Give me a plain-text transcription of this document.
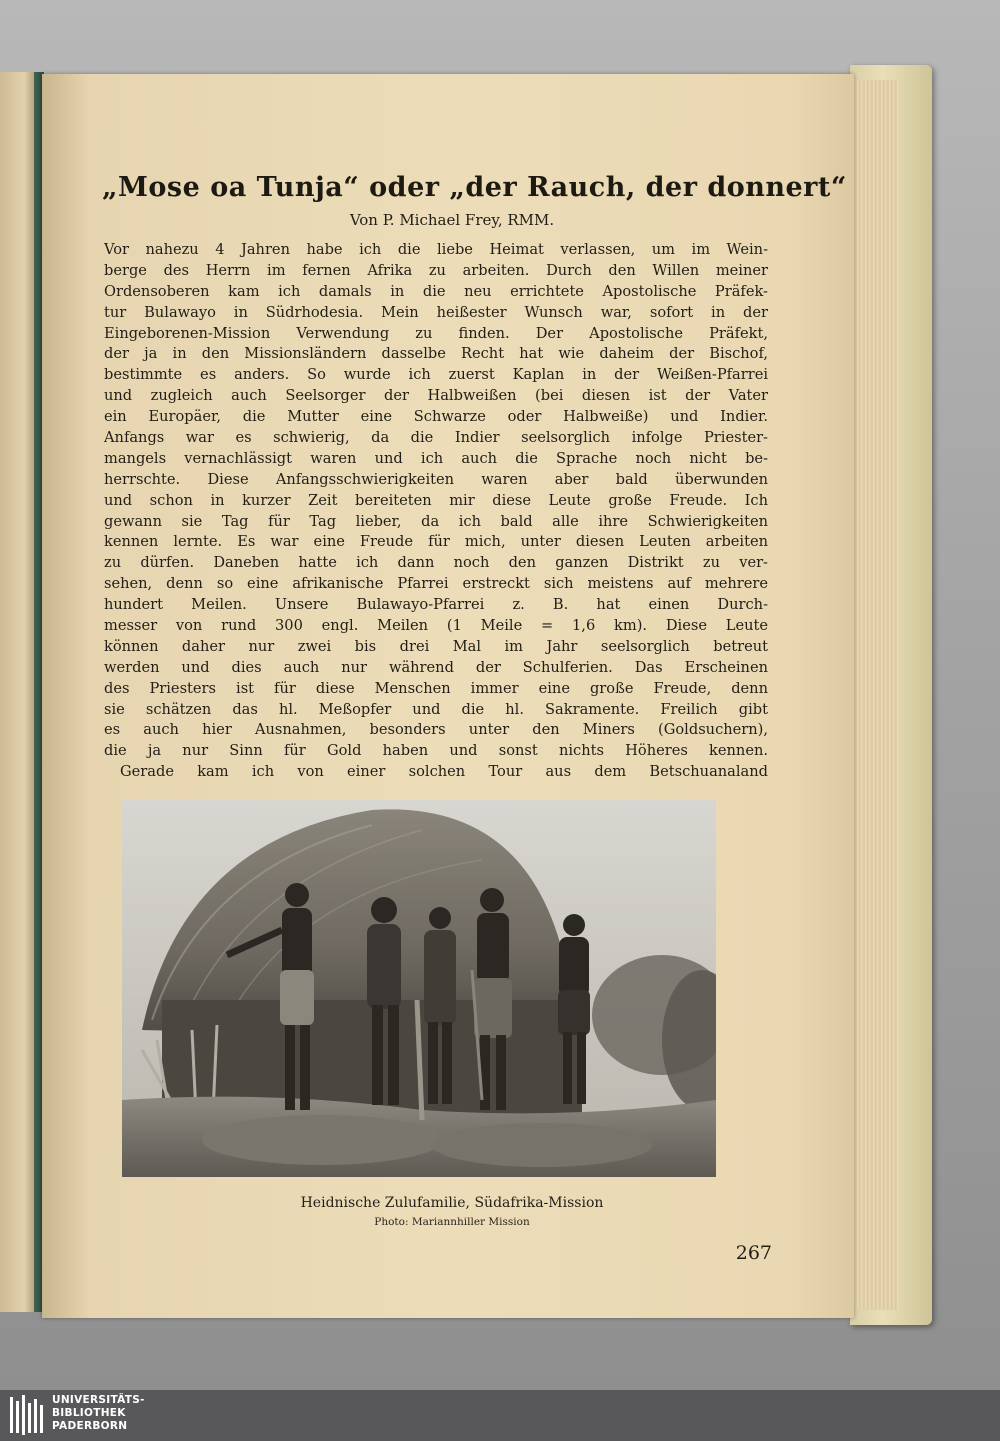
„Mose oa Tunja“ oder „der Rauch, der donnert“
Von P. Michael Frey, RMM.
Vor nahezu 4 Jahren habe ich die liebe Heimat verlassen, um im Wein-
berge des Herrn im fernen Afrika zu arbeiten. Durch den Willen meiner
Ordensoberen kam ich damals in die neu errichtete Apostolische Präfek-
tur Bulawayo in Südrhodesia. Mein heißester Wunsch war, sofort in der
Eingeborenen-Mission Verwendung zu finden. Der Apostolische Präfekt,
der ja in den Missionsländern dasselbe Recht hat wie daheim der Bischof,
bestimmte es anders. So wurde ich zuerst Kaplan in der Weißen-Pfarrei
und zugleich auch Seelsorger der Halbweißen (bei diesen ist der Vater
ein Europäer, die Mutter eine Schwarze oder Halbweiße) und Indier.
Anfangs war es schwierig, da die Indier seelsorglich infolge Priester-
mangels vernachlässigt waren und ich auch die Sprache noch nicht be-
herrschte. Diese Anfangsschwierigkeiten waren aber bald überwunden
und schon in kurzer Zeit bereiteten mir diese Leute große Freude. Ich
gewann sie Tag für Tag lieber, da ich bald alle ihre Schwierigkeiten
kennen lernte. Es war eine Freude für mich, unter diesen Leuten arbeiten
zu dürfen. Daneben hatte ich dann noch den ganzen Distrikt zu ver-
sehen, denn so eine afrikanische Pfarrei erstreckt sich meistens auf mehrere
hundert Meilen. Unsere Bulawayo-Pfarrei z. B. hat einen Durch-
messer von rund 300 engl. Meilen (1 Meile = 1,6 km). Diese Leute
können daher nur zwei bis drei Mal im Jahr seelsorglich betreut
werden und dies auch nur während der Schulferien. Das Erscheinen
des Priesters ist für diese Menschen immer eine große Freude, denn
sie schätzen das hl. Meßopfer und die hl. Sakramente. Freilich gibt
es auch hier Ausnahmen, besonders unter den Miners (Goldsuchern),
die ja nur Sinn für Gold haben und sonst nichts Höheres kennen.
Gerade kam ich von einer solchen Tour aus dem Betschuanaland
Heidnische Zulufamilie, Südafrika-Mission
Photo: Mariannhiller Mission
267
UNIVERSITÄTS-
BIBLIOTHEK
PADERBORN
